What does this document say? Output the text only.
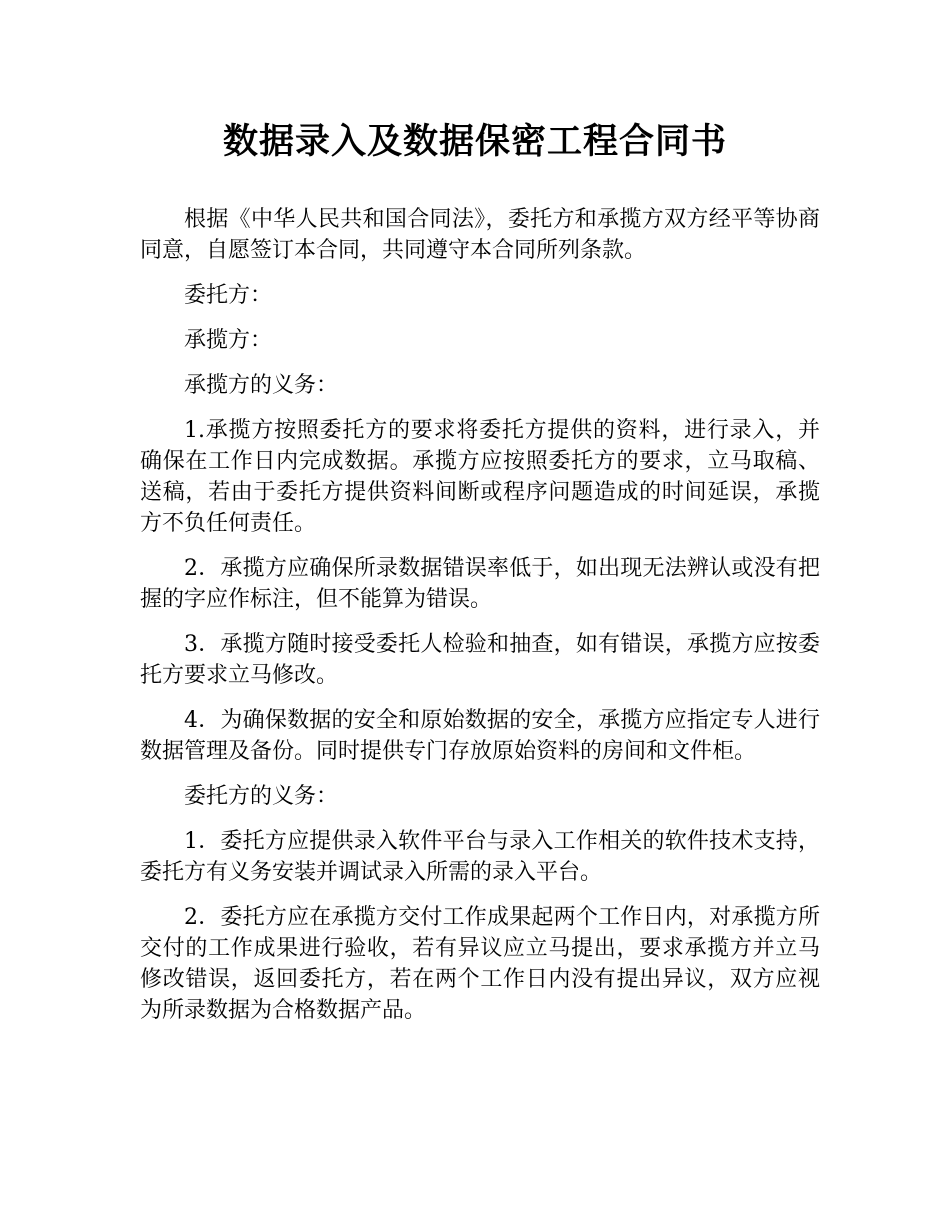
数据录入及数据保密工程合同书

根据《中华人民共和国合同法》，委托方和承揽方双方经平等协商同意，自愿签订本合同，共同遵守本合同所列条款。

委托方：

承揽方：

承揽方的义务：

1.承揽方按照委托方的要求将委托方提供的资料，进行录入，并确保在工作日内完成数据。承揽方应按照委托方的要求，立马取稿、送稿，若由于委托方提供资料间断或程序问题造成的时间延误，承揽方不负任何责任。

2．承揽方应确保所录数据错误率低于，如出现无法辨认或没有把握的字应作标注，但不能算为错误。

3．承揽方随时接受委托人检验和抽查，如有错误，承揽方应按委托方要求立马修改。

4．为确保数据的安全和原始数据的安全，承揽方应指定专人进行数据管理及备份。同时提供专门存放原始资料的房间和文件柜。

委托方的义务：

1．委托方应提供录入软件平台与录入工作相关的软件技术支持，委托方有义务安装并调试录入所需的录入平台。

2．委托方应在承揽方交付工作成果起两个工作日内，对承揽方所交付的工作成果进行验收，若有异议应立马提出，要求承揽方并立马修改错误，返回委托方，若在两个工作日内没有提出异议，双方应视为所录数据为合格数据产品。
